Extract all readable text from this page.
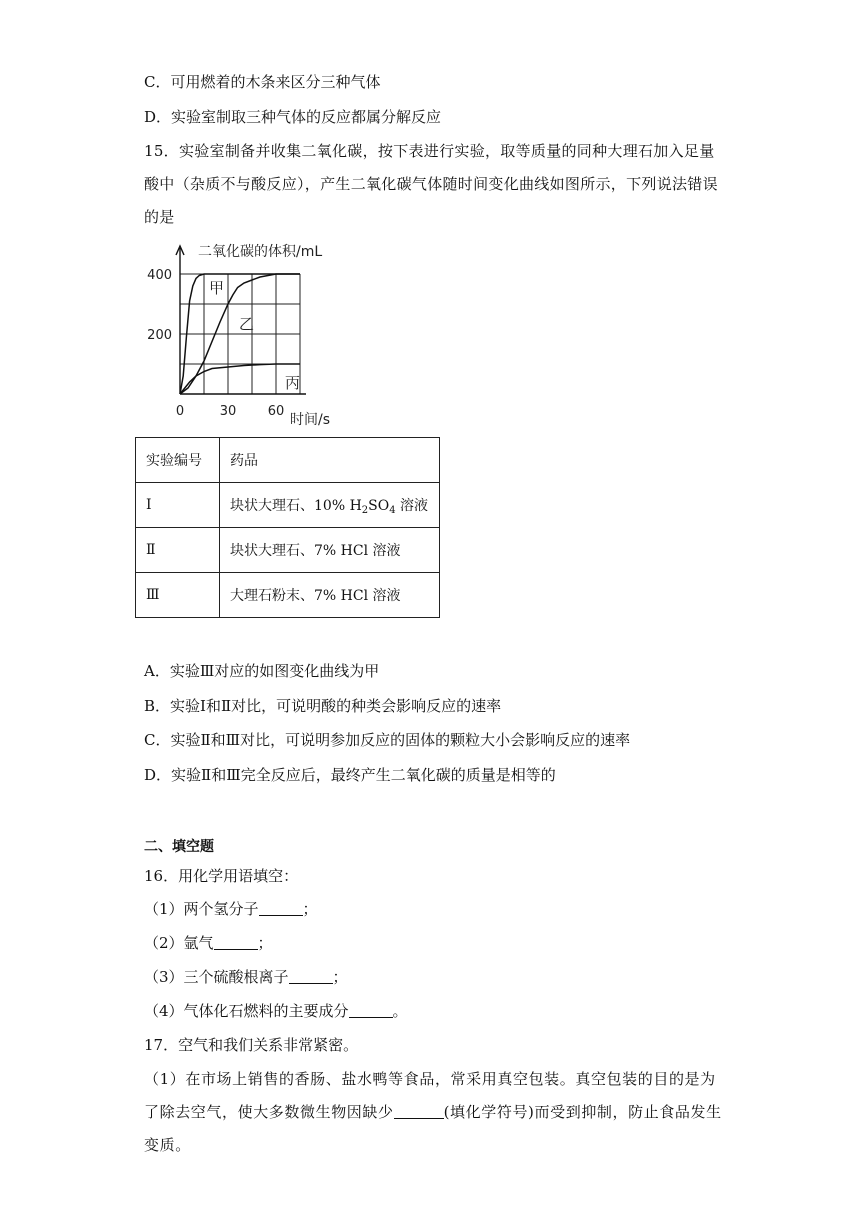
C．可用燃着的木条来区分三种气体
D．实验室制取三种气体的反应都属分解反应
15．实验室制备并收集二氧化碳，按下表进行实验，取等质量的同种大理石加入足量酸中（杂质不与酸反应），产生二氧化碳气体随时间变化曲线如图所示，下列说法错误的是
甲
乙
丙
0	30 60
200
400
二氧化碳的体积/mL
时间/s
实验编号	药品
Ⅰ	块状大理石、10% $H_2SO_4$ 溶液
Ⅱ	块状大理石、7% HCl 溶液
Ⅲ	大理石粉末、7% HCl 溶液
A．实验Ⅲ对应的如图变化曲线为甲
B．实验Ⅰ和Ⅱ对比，可说明酸的种类会影响反应的速率
C．实验Ⅱ和Ⅲ对比，可说明参加反应的固体的颗粒大小会影响反应的速率
D．实验Ⅱ和Ⅲ完全反应后，最终产生二氧化碳的质量是相等的
二、填空题
16．用化学用语填空：
（1）两个氢分子	；
（2）氩气	；
（3）三个硫酸根离子	；
（4）气体化石燃料的主要成分	。
17．空气和我们关系非常紧密。
（1）在市场上销售的香肠、盐水鸭等食品，常采用真空包装。真空包装的目的是为了除去空气，使大多数微生物因缺少	(填化学符号)而受到抑制，防止食品发生变质。
